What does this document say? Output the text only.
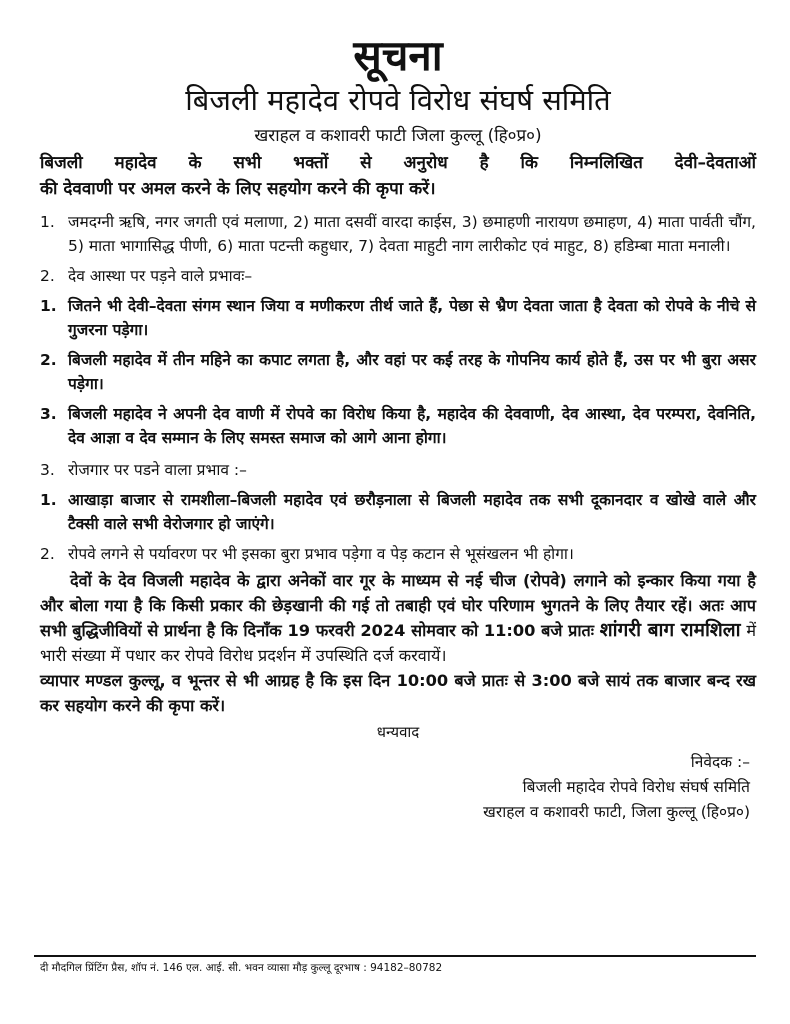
सूचना
बिजली महादेव रोपवे विरोध संघर्ष समिति
खराहल व कशावरी फाटी जिला कुल्लू (हि०प्र०)
बिजली महादेव के सभी भक्तों से अनुरोध है कि निम्नलिखित देवी–देवताओं
की देववाणी पर अमल करने के लिए सहयोग करने की कृपा करें।
1. जमदग्नी ऋषि, नगर जगती एवं मलाणा, 2) माता दसवीं वारदा काईस, 3) छमाहणी नारायण छमाहण, 4) माता पार्वती चौंग, 5) माता भागासिद्ध पीणी, 6) माता पटन्ती कहुधार, 7) देवता माहुटी नाग लारीकोट एवं माहुट, 8) हडिम्बा माता मनाली।
2. देव आस्था पर पड़ने वाले प्रभावः–
1. जितने भी देवी–देवता संगम स्थान जिया व मणीकरण तीर्थ जाते हैं, पेछा से भ्रैण देवता जाता है देवता को रोपवे के नीचे से गुजरना पड़ेगा।
2. बिजली महादेव में तीन महिने का कपाट लगता है, और वहां पर कई तरह के गोपनिय कार्य होते हैं, उस पर भी बुरा असर पड़ेगा।
3. बिजली महादेव ने अपनी देव वाणी में रोपवे का विरोध किया है, महादेव की देववाणी, देव आस्था, देव परम्परा, देवनिति, देव आज्ञा व देव सम्मान के लिए समस्त समाज को आगे आना होगा।
3. रोजगार पर पडने वाला प्रभाव :–
1. आखाड़ा बाजार से रामशीला–बिजली महादेव एवं छरौड़नाला से बिजली महादेव तक सभी दूकानदार व खोखे वाले और टैक्सी वाले सभी वेरोजगार हो जाएंगे।
2. रोपवे लगने से पर्यावरण पर भी इसका बुरा प्रभाव पड़ेगा व पेड़ कटान से भूसंखलन भी होगा।
देवों के देव विजली महादेव के द्वारा अनेकों वार गूर के माध्यम से नई चीज (रोपवे) लगाने को इन्कार किया गया है और बोला गया है कि किसी प्रकार की छेड़खानी की गई तो तबाही एवं घोर परिणाम भुगतने के लिए तैयार रहें। अतः आप सभी बुद्धिजीवियों से प्रार्थना है कि दिनाँक 19 फरवरी 2024 सोमवार को 11:00 बजे प्रातः शांगरी बाग रामशिला में भारी संख्या में पधार कर रोपवे विरोध प्रदर्शन में उपस्थिति दर्ज करवायें।
व्यापार मण्डल कुल्लू, व भून्तर से भी आग्रह है कि इस दिन 10:00 बजे प्रातः से 3:00 बजे सायं तक बाजार बन्द रख कर सहयोग करने की कृपा करें।
धन्यवाद
निवेदक :–
बिजली महादेव रोपवे विरोध संघर्ष समिति
खराहल व कशावरी फाटी, जिला कुल्लू (हि०प्र०)
दी मौदगिल प्रिंटिंग प्रैस, शॉप नं. 146 एल. आई. सी. भवन व्यासा मौड़ कुल्लू दूरभाष : 94182–80782
